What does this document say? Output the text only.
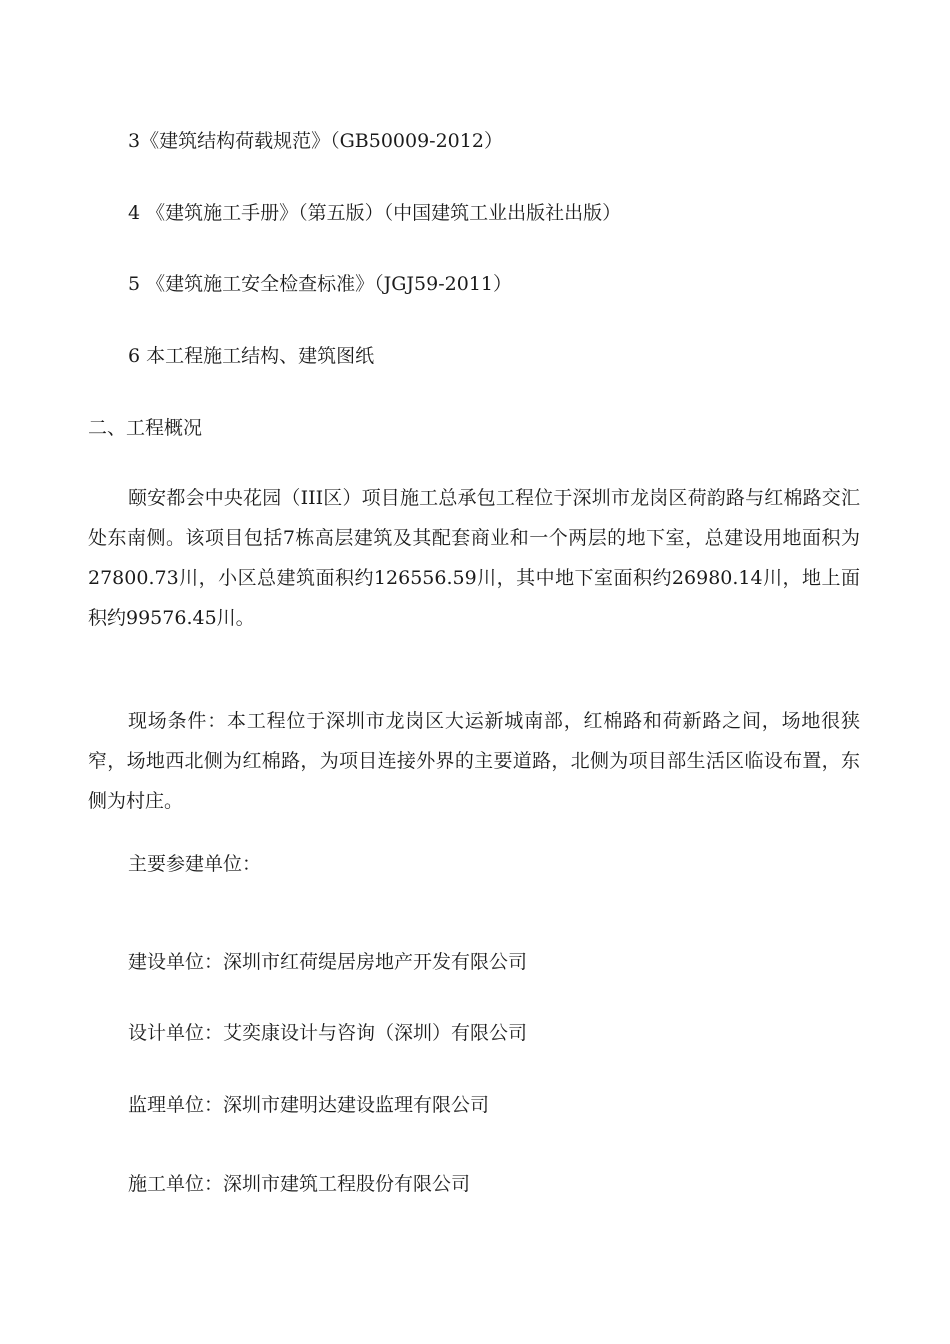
3《建筑结构荷载规范》（GB50009-2012）
4 《建筑施工手册》（第五版）（中国建筑工业出版社出版）
5 《建筑施工安全检查标准》（JGJ59-2011）
6 本工程施工结构、建筑图纸
二、工程概况
颐安都会中央花园（III区）项目施工总承包工程位于深圳市龙岗区荷韵路与红棉路交汇处东南侧。该项目包括7栋高层建筑及其配套商业和一个两层的地下室，总建设用地面积为27800.73川，小区总建筑面积约126556.59川，其中地下室面积约26980.14川，地上面积约99576.45川。
现场条件：本工程位于深圳市龙岗区大运新城南部，红棉路和荷新路之间，场地很狭窄，场地西北侧为红棉路，为项目连接外界的主要道路，北侧为项目部生活区临设布置，东侧为村庄。
主要参建单位：
建设单位：深圳市红荷缇居房地产开发有限公司
设计单位：艾奕康设计与咨询（深圳）有限公司
监理单位：深圳市建明达建设监理有限公司
施工单位：深圳市建筑工程股份有限公司
